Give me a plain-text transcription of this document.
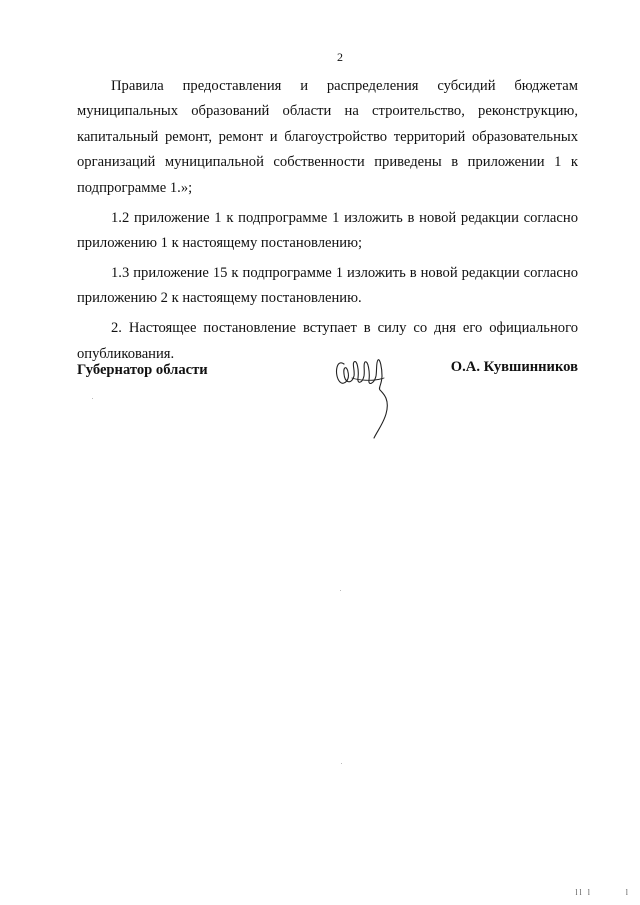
2

Правила предоставления и распределения субсидий бюджетам муниципальных образований области на строительство, реконструкцию, капитальный ремонт, ремонт и благоустройство территорий образовательных организаций муниципальной собственности приведены в приложении 1 к подпрограмме 1.»;

1.2 приложение 1 к подпрограмме 1 изложить в новой редакции согласно приложению 1 к настоящему постановлению;

1.3 приложение 15 к подпрограмме 1 изложить в новой редакции согласно приложению 2 к настоящему постановлению.

2. Настоящее постановление вступает в силу со дня его официального опубликования.

Губернатор области	О.А. Кувшинников
ll l	l
